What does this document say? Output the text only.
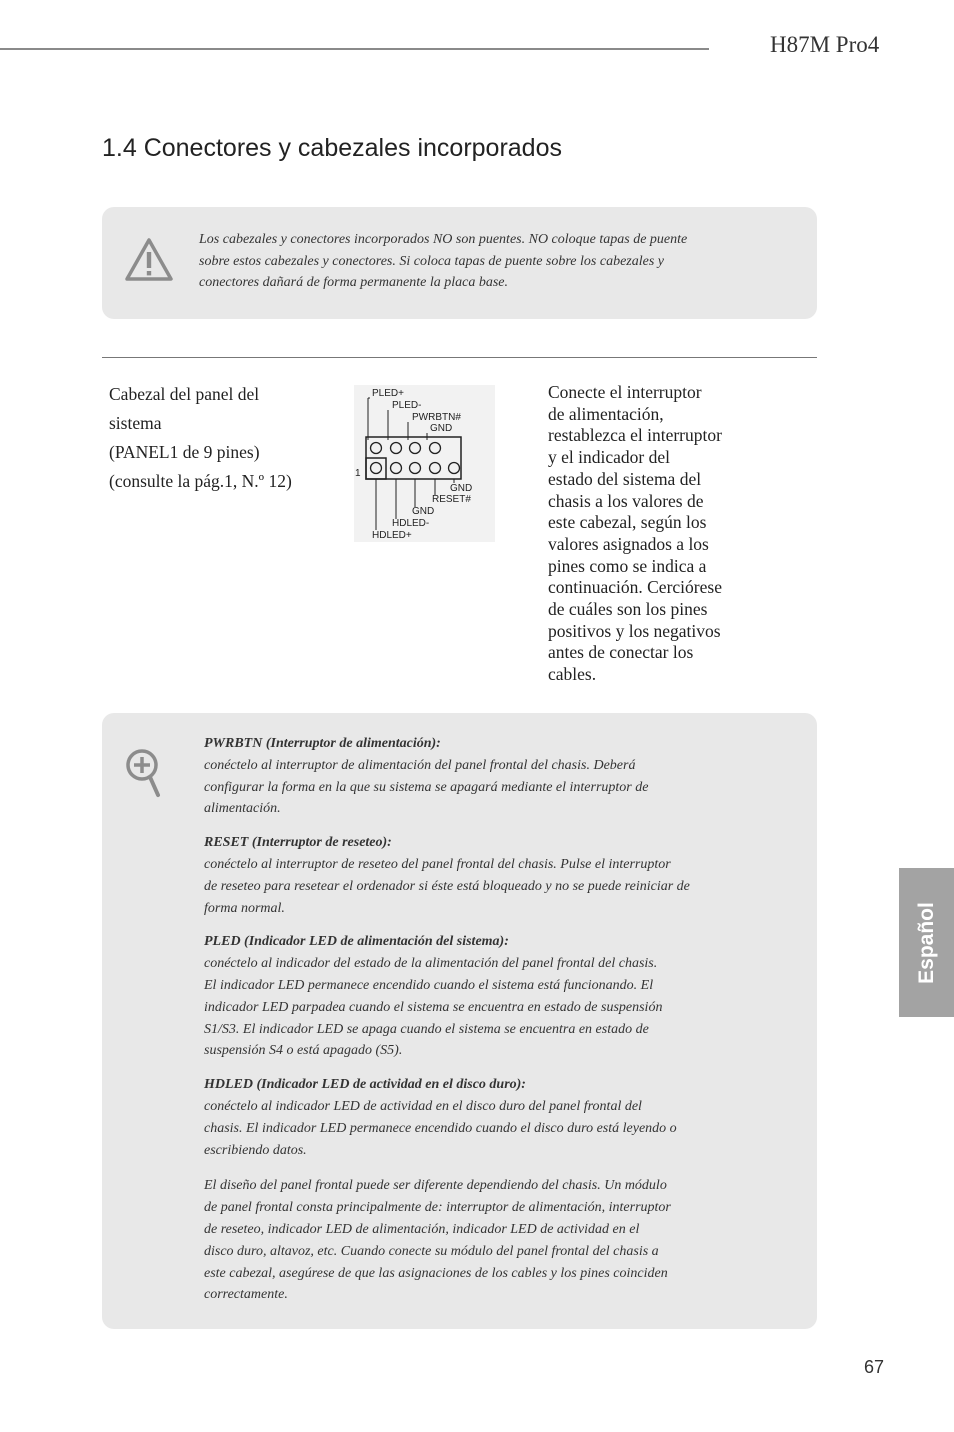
H87M Pro4
1.4 Conectores y cabezales incorporados
Los cabezales y conectores incorporados NO son puentes. NO coloque tapas de puente
sobre estos cabezales y conectores. Si coloca tapas de puente sobre los cabezales y
conectores dañará de forma permanente la placa base.
Cabezal del panel del
sistema
(PANEL1 de 9 pines)
(consulte la pág.1, N.º 12)
PLED+
PLED-
PWRBTN#
GND
1
GND
RESET#
GND
HDLED-
HDLED+
Conecte el interruptor
de alimentación,
restablezca el interruptor
y el indicador del
estado del sistema del
chasis a los valores de
este cabezal, según los
valores asignados a los
pines como se indica a
continuación. Cerciórese
de cuáles son los pines
positivos y los negativos
antes de conectar los
cables.
PWRBTN (Interruptor de alimentación):
conéctelo al interruptor de alimentación del panel frontal del chasis. Deberá
configurar la forma en la que su sistema se apagará mediante el interruptor de
alimentación.
RESET (Interruptor de reseteo):
conéctelo al interruptor de reseteo del panel frontal del chasis. Pulse el interruptor
de reseteo para resetear el ordenador si éste está bloqueado y no se puede reiniciar de
forma normal.
PLED (Indicador LED de alimentación del sistema):
conéctelo al indicador del estado de la alimentación del panel frontal del chasis.
El indicador LED permanece encendido cuando el sistema está funcionando. El
indicador LED parpadea cuando el sistema se encuentra en estado de suspensión
S1/S3. El indicador LED se apaga cuando el sistema se encuentra en estado de
suspensión S4 o está apagado (S5).
HDLED (Indicador LED de actividad en el disco duro):
conéctelo al indicador LED de actividad en el disco duro del panel frontal del
chasis. El indicador LED permanece encendido cuando el disco duro está leyendo o
escribiendo datos.
El diseño del panel frontal puede ser diferente dependiendo del chasis. Un módulo
de panel frontal consta principalmente de: interruptor de alimentación, interruptor
de reseteo, indicador LED de alimentación, indicador LED de actividad en el
disco duro, altavoz, etc. Cuando conecte su módulo del panel frontal del chasis a
este cabezal, asegúrese de que las asignaciones de los cables y los pines coinciden
correctamente.
Español
67
